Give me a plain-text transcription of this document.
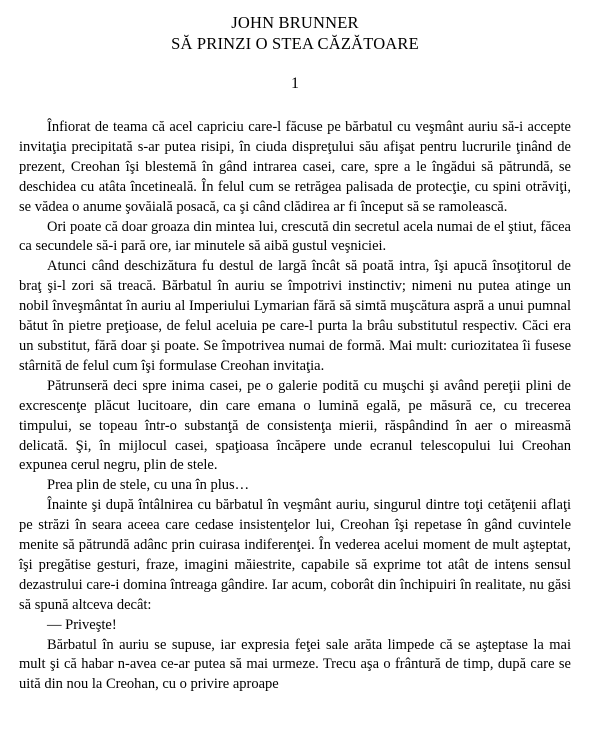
JOHN BRUNNER
SĂ PRINZI O STEA CĂZĂTOARE
1

Înfiorat de teama că acel capriciu care-l făcuse pe bărbatul cu veşmânt auriu să-i accepte invitaţia precipitată s-ar putea risipi, în ciuda dispreţului său afişat pentru lucrurile ţinând de prezent, Creohan îşi blestemă în gând intrarea casei, care, spre a le îngădui să pătrundă, se deschidea cu atâta încetineală. În felul cum se retrăgea palisada de protecţie, cu spini otrăviţi, se vădea o anume şovăială posacă, ca şi când clădirea ar fi început să se ramolească.

Ori poate că doar groaza din mintea lui, crescută din secretul acela numai de el ştiut, făcea ca secundele să-i pară ore, iar minutele să aibă gustul veşniciei.

Atunci când deschizătura fu destul de largă încât să poată intra, îşi apucă însoţitorul de braţ şi-l zori să treacă. Bărbatul în auriu se împotrivi instinctiv; nimeni nu putea atinge un nobil înveşmântat în auriu al Imperiului Lymarian fără să simtă muşcătura aspră a unui pumnal bătut în pietre preţioase, de felul aceluia pe care-l purta la brâu substitutul respectiv. Căci era un substitut, fără doar şi poate. Se împotrivea numai de formă. Mai mult: curiozitatea îi fusese stârnită de felul cum îşi formulase Creohan invitaţia.

Pătrunseră deci spre inima casei, pe o galerie podită cu muşchi şi având pereţii plini de excrescenţe plăcut lucitoare, din care emana o lumină egală, pe măsură ce, cu trecerea timpului, se topeau într-o substanţă de consistenţa mierii, răspândind în aer o mireasmă delicată. Şi, în mijlocul casei, spaţioasa încăpere unde ecranul telescopului lui Creohan expunea cerul negru, plin de stele.

Prea plin de stele, cu una în plus…

Înainte şi după întâlnirea cu bărbatul în veşmânt auriu, singurul dintre toţi cetăţenii aflaţi pe străzi în seara aceea care cedase insistenţelor lui, Creohan îşi repetase în gând cuvintele menite să pătrundă adânc prin cuirasa indiferenţei. În vederea acelui moment de mult aşteptat, îşi pregătise gesturi, fraze, imagini măiestrite, capabile să exprime tot atât de intens sensul dezastrului care-i domina întreaga gândire. Iar acum, coborât din închipuiri în realitate, nu găsi să spună altceva decât:

— Priveşte!

Bărbatul în auriu se supuse, iar expresia feţei sale arăta limpede că se aşteptase la mai mult şi că habar n-avea ce-ar putea să mai urmeze. Trecu aşa o frântură de timp, după care se uită din nou la Creohan, cu o privire aproape
